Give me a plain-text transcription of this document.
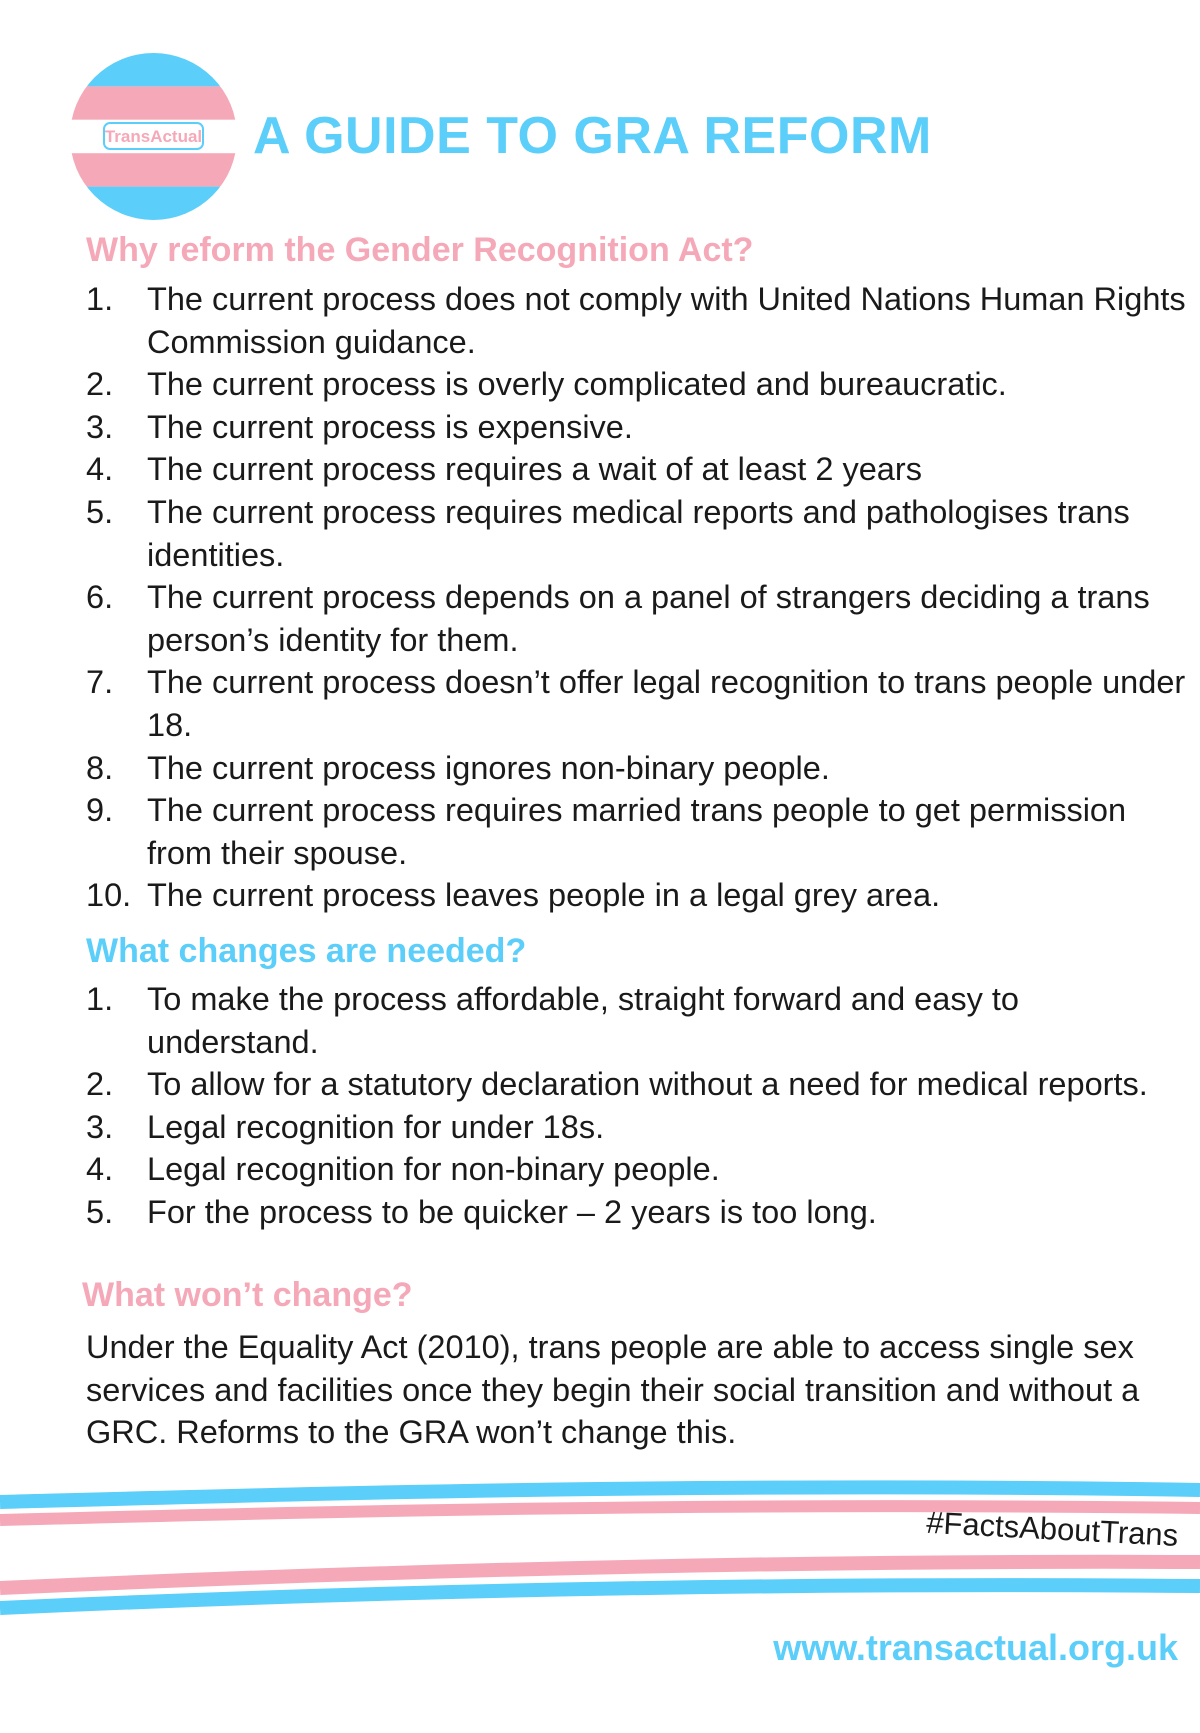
TransActual A GUIDE TO GRA REFORM
Why reform the Gender Recognition Act?
1. The current process does not comply with United Nations Human Rights Commission guidance.
2. The current process is overly complicated and bureaucratic.
3. The current process is expensive.
4. The current process requires a wait of at least 2 years
5. The current process requires medical reports and pathologises trans identities.
6. The current process depends on a panel of strangers deciding a trans person’s identity for them.
7. The current process doesn’t offer legal recognition to trans people under 18.
8. The current process ignores non-binary people.
9. The current process requires married trans people to get permission from their spouse.
10. The current process leaves people in a legal grey area.
What changes are needed?
1. To make the process affordable, straight forward and easy to understand.
2. To allow for a statutory declaration without a need for medical reports.
3. Legal recognition for under 18s.
4. Legal recognition for non-binary people.
5. For the process to be quicker – 2 years is too long.
What won’t change?

Under the Equality Act (2010), trans people are able to access single sex services and facilities once they begin their social transition and without a GRC. Reforms to the GRA won’t change this.

#FactsAboutTrans

www.transactual.org.uk
